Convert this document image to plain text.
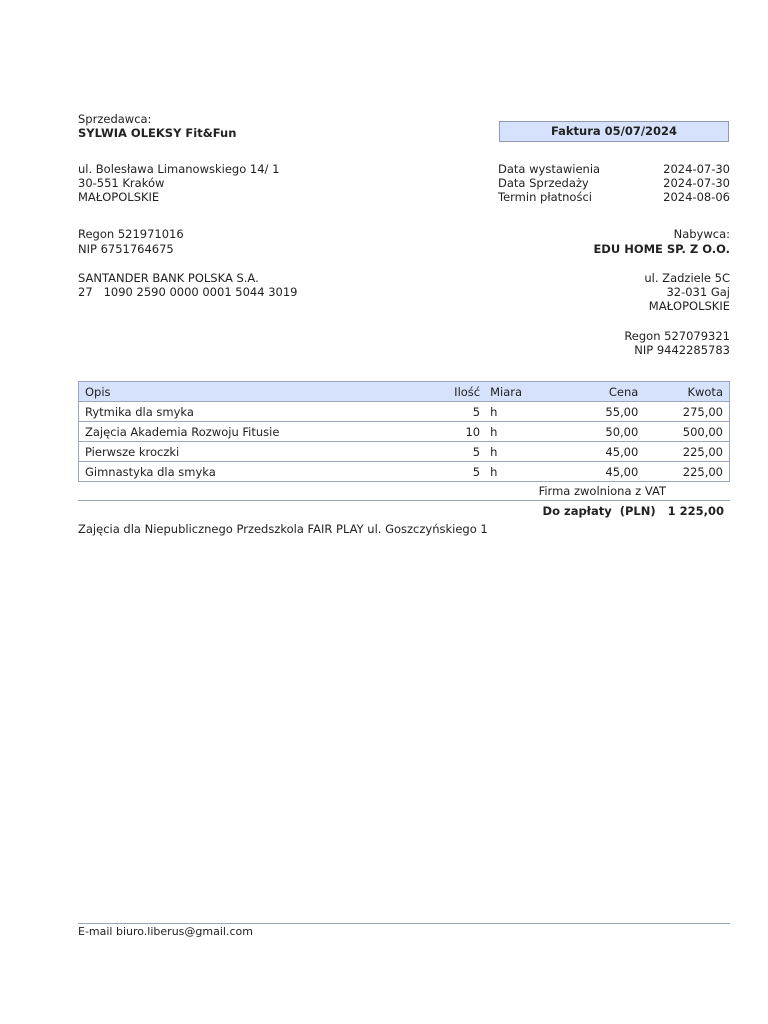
Sprzedawca:
SYLWIA OLEKSY Fit&Fun
ul. Bolesława Limanowskiego 14/ 1
30-551 Kraków
MAŁOPOLSKIE
Regon 521971016
NIP 6751764675
SANTANDER BANK POLSKA S.A.
27   1090 2590 0000 0001 5044 3019
Faktura 05/07/2024
Data wystawienia	2024-07-30
Data Sprzedaży	2024-07-30
Termin płatności	2024-08-06
Nabywca:
EDU HOME SP. Z O.O.
ul. Zadziele 5C
32-031 Gaj
MAŁOPOLSKIE
Regon 527079321
NIP 9442285783
Opis	Ilość	Miara	Cena	Kwota
Rytmika dla smyka	5	h	55,00	275,00
Zajęcia Akademia Rozwoju Fitusie	10	h	50,00	500,00
Pierwsze kroczki	5	h	45,00	225,00
Gimnastyka dla smyka	5	h	45,00	225,00
Firma zwolniona z VAT
Do zapłaty  (PLN)   1 225,00
Zajęcia dla Niepublicznego Przedszkola FAIR PLAY ul. Goszczyńskiego 1
E-mail biuro.liberus@gmail.com
